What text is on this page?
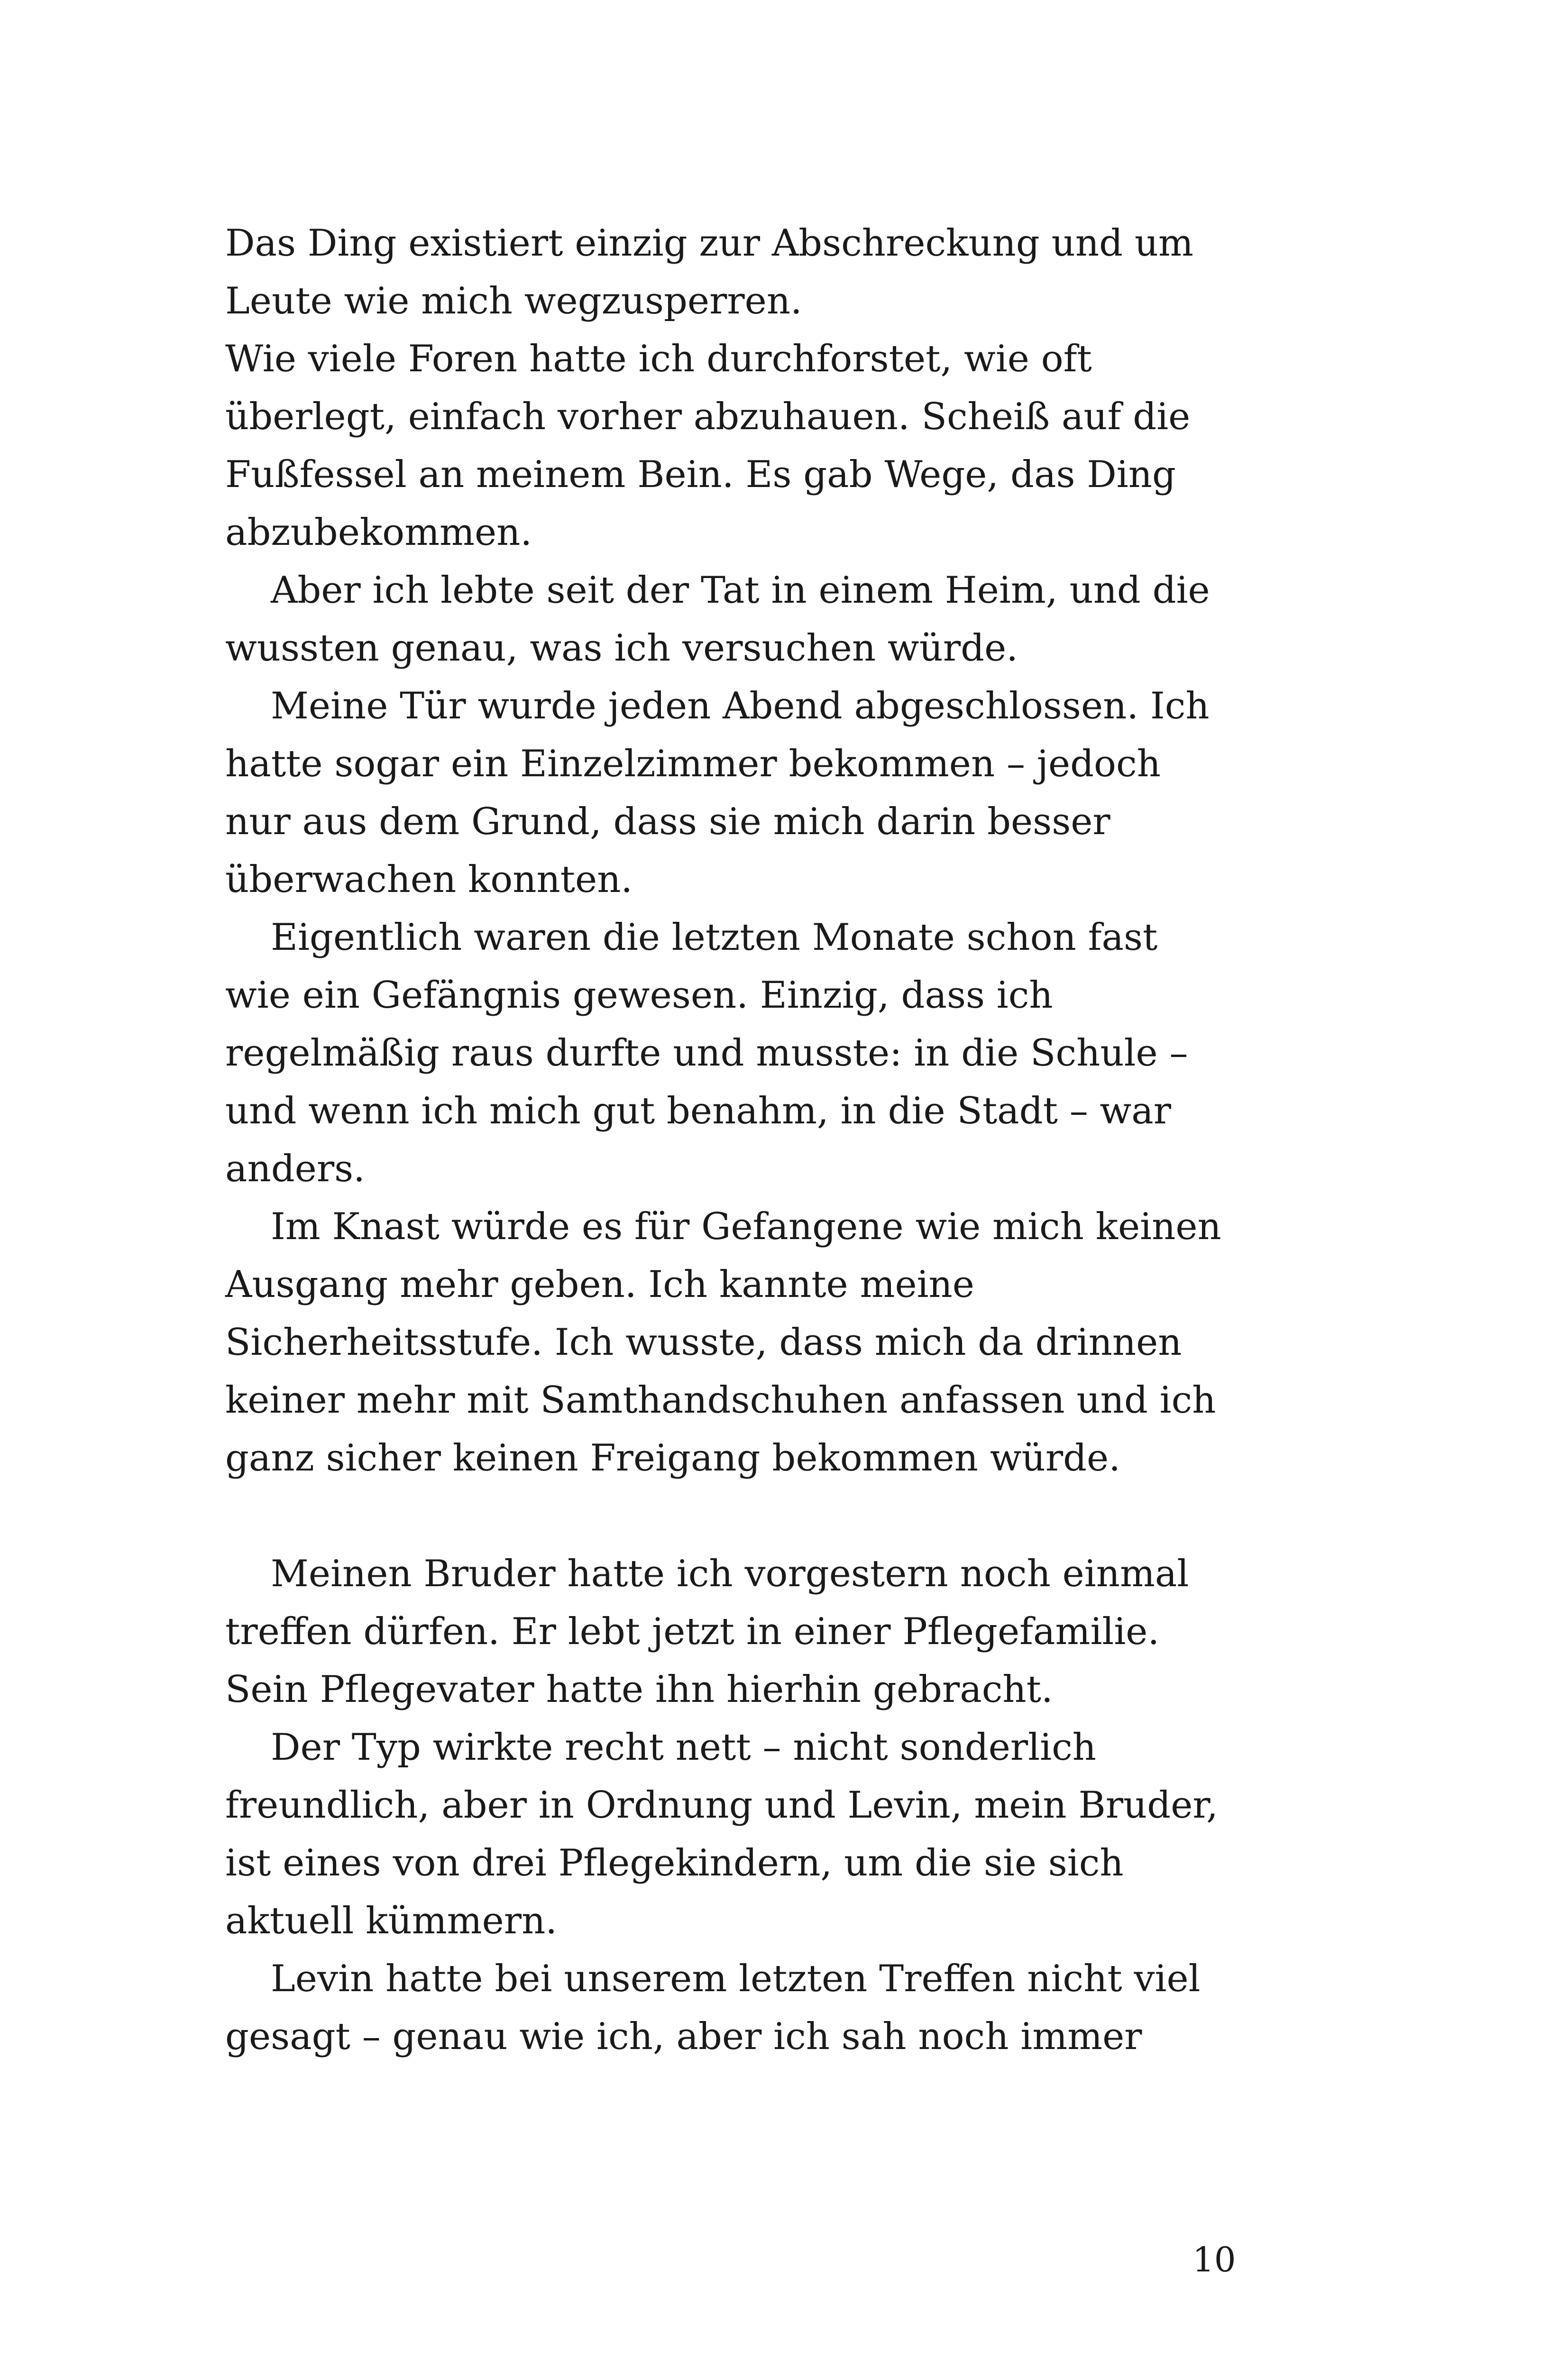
Das Ding existiert einzig zur Abschreckung und um
Leute wie mich wegzusperren.
Wie viele Foren hatte ich durchforstet, wie oft
überlegt, einfach vorher abzuhauen. Scheiß auf die
Fußfessel an meinem Bein. Es gab Wege, das Ding
abzubekommen.
Aber ich lebte seit der Tat in einem Heim, und die
wussten genau, was ich versuchen würde.
Meine Tür wurde jeden Abend abgeschlossen. Ich
hatte sogar ein Einzelzimmer bekommen – jedoch
nur aus dem Grund, dass sie mich darin besser
überwachen konnten.
Eigentlich waren die letzten Monate schon fast
wie ein Gefängnis gewesen. Einzig, dass ich
regelmäßig raus durfte und musste: in die Schule –
und wenn ich mich gut benahm, in die Stadt – war
anders.
Im Knast würde es für Gefangene wie mich keinen
Ausgang mehr geben. Ich kannte meine
Sicherheitsstufe. Ich wusste, dass mich da drinnen
keiner mehr mit Samthandschuhen anfassen und ich
ganz sicher keinen Freigang bekommen würde.
Meinen Bruder hatte ich vorgestern noch einmal
treffen dürfen. Er lebt jetzt in einer Pflegefamilie.
Sein Pflegevater hatte ihn hierhin gebracht.
Der Typ wirkte recht nett – nicht sonderlich
freundlich, aber in Ordnung und Levin, mein Bruder,
ist eines von drei Pflegekindern, um die sie sich
aktuell kümmern.
Levin hatte bei unserem letzten Treffen nicht viel
gesagt – genau wie ich, aber ich sah noch immer
10
